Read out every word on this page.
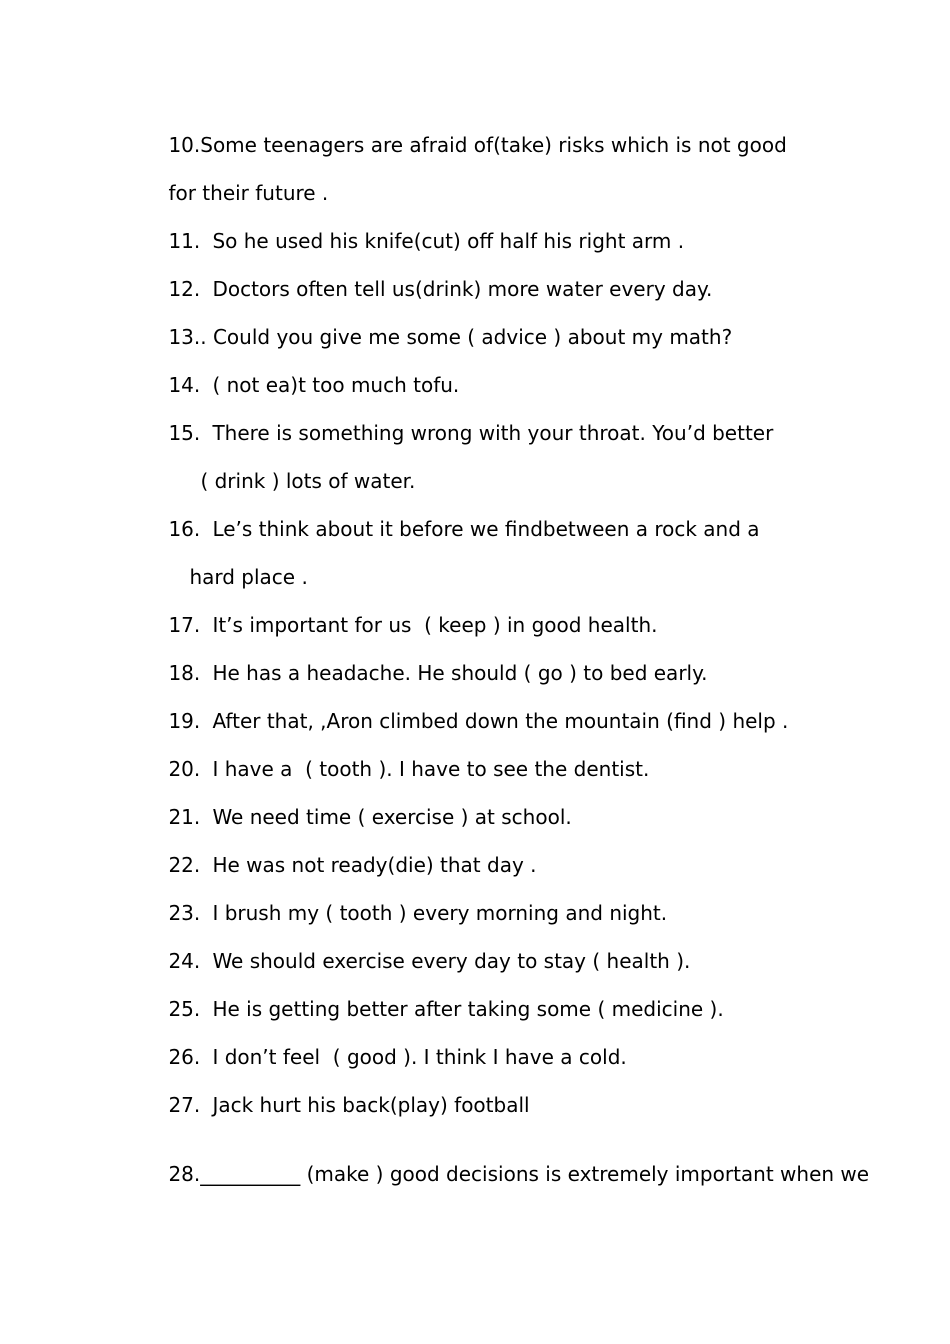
10.Some teenagers are afraid of(take) risks which is not good

for their future .

11. So he used his knife(cut) off half his right arm .

12. Doctors often tell us(drink) more water every day.

13.. Could you give me some ( advice ) about my math?

14. ( not ea)t too much tofu.

15. There is something wrong with your throat. You’d better

( drink ) lots of water.

16. Le’s think about it before we findbetween a rock and a

hard place .

17. It’s important for us  ( keep ) in good health.

18. He has a headache. He should ( go ) to bed early.

19. After that, ,Aron climbed down the mountain (find ) help .

20. I have a  ( tooth ). I have to see the dentist.

21. We need time ( exercise ) at school.

22. He was not ready(die) that day .

23. I brush my ( tooth ) every morning and night.

24. We should exercise every day to stay ( health ).

25. He is getting better after taking some ( medicine ).

26. I don’t feel  ( good ). I think I have a cold.

27. Jack hurt his back(play) football

28.__________ (make ) good decisions is extremely important when we
